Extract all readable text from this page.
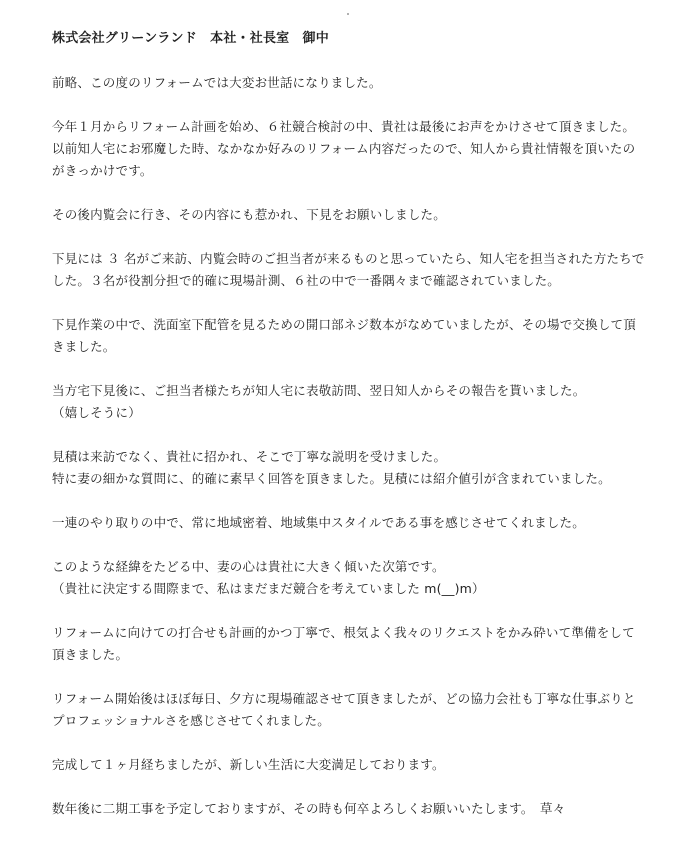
株式会社グリーンランド　本社・社長室　御中
前略、この度のリフォームでは大変お世話になりました。
今年１月からリフォーム計画を始め、６社競合検討の中、貴社は最後にお声をかけさせて頂きました。
以前知人宅にお邪魔した時、なかなか好みのリフォーム内容だったので、知人から貴社情報を頂いたの
がきっかけです。
その後内覧会に行き、その内容にも惹かれ、下見をお願いしました。
下見には ３ 名がご来訪、内覧会時のご担当者が来るものと思っていたら、知人宅を担当された方たちで
した。３名が役割分担で的確に現場計測、６社の中で一番隅々まで確認されていました。
下見作業の中で、洗面室下配管を見るための開口部ネジ数本がなめていましたが、その場で交換して頂
きました。
当方宅下見後に、ご担当者様たちが知人宅に表敬訪問、翌日知人からその報告を貰いました。
（嬉しそうに）
見積は来訪でなく、貴社に招かれ、そこで丁寧な説明を受けました。
特に妻の細かな質問に、的確に素早く回答を頂きました。見積には紹介値引が含まれていました。
一連のやり取りの中で、常に地域密着、地域集中スタイルである事を感じさせてくれました。
このような経緯をたどる中、妻の心は貴社に大きく傾いた次第です。
（貴社に決定する間際まで、私はまだまだ競合を考えていました m(__)m）
リフォームに向けての打合せも計画的かつ丁寧で、根気よく我々のリクエストをかみ砕いて準備をして
頂きました。
リフォーム開始後はほぼ毎日、夕方に現場確認させて頂きましたが、どの協力会社も丁寧な仕事ぶりと
プロフェッショナルさを感じさせてくれました。
完成して１ヶ月経ちましたが、新しい生活に大変満足しております。
数年後に二期工事を予定しておりますが、その時も何卒よろしくお願いいたします。　草々
